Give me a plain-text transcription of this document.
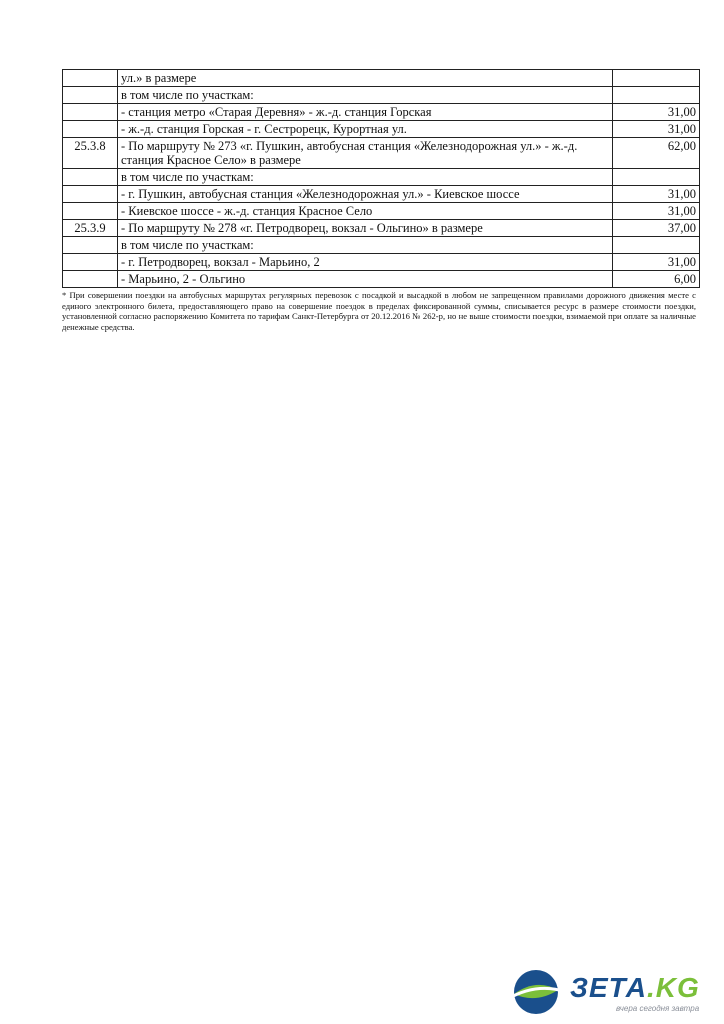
	ул.» в размере	
	в том числе по участкам:	
	- станция метро «Старая Деревня» - ж.-д. станция Горская	31,00
	- ж.-д. станция Горская - г. Сестрорецк, Курортная ул.	31,00
25.3.8	- По маршруту № 273 «г. Пушкин, автобусная станция «Железнодорожная ул.» - ж.-д. станция Красное Село» в размере	62,00
	в том числе по участкам:	
	- г. Пушкин, автобусная станция «Железнодорожная ул.» - Киевское шоссе	31,00
	- Киевское шоссе - ж.-д. станция Красное Село	31,00
25.3.9	- По маршруту № 278 «г. Петродворец, вокзал - Ольгино» в размере	37,00
	в том числе по участкам:	
	- г. Петродворец, вокзал - Марьино, 2	31,00
	- Марьино, 2 - Ольгино	6,00

* При совершении поездки на автобусных маршрутах регулярных перевозок с посадкой и высадкой в любом не запрещенном правилами дорожного движения месте с единого электронного билета, предоставляющего право на совершение поездок в пределах фиксированной суммы, списывается ресурс в размере стоимости поездки, установленной согласно распоряжению Комитета по тарифам Санкт-Петербурга от 20.12.2016 № 262-р, но не выше стоимости поездки, взимаемой при оплате за наличные денежные средства.

ЗЕТА.KG
вчера сегодня завтра
